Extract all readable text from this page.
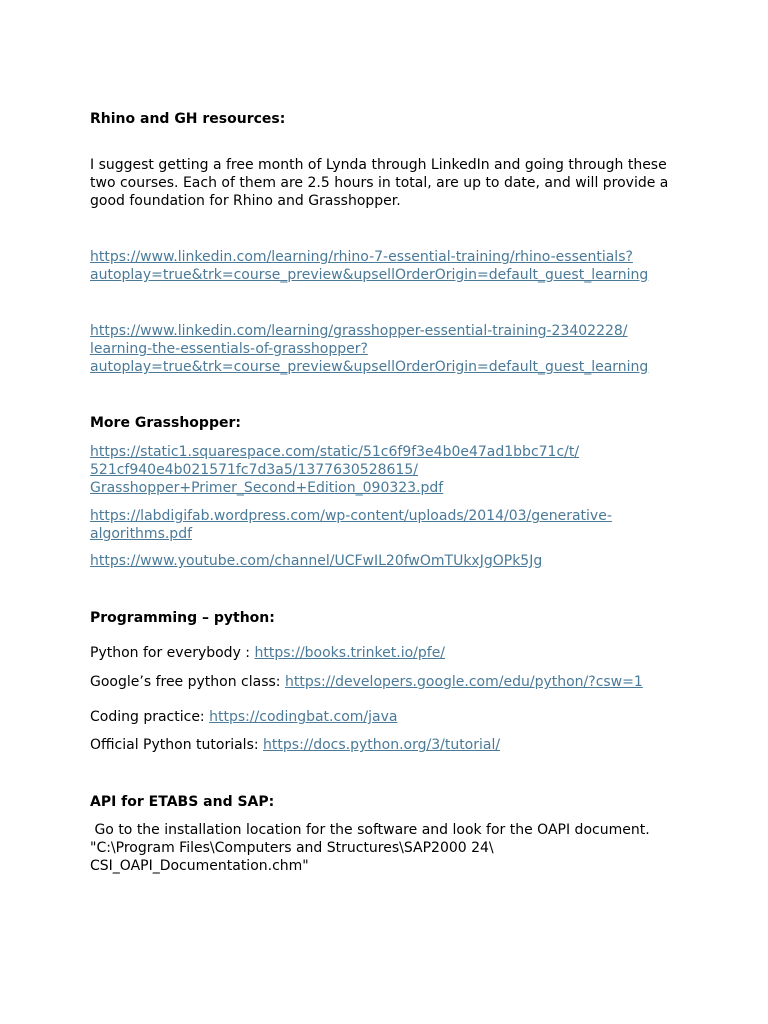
Rhino and GH resources:

I suggest getting a free month of Lynda through LinkedIn and going through these
two courses. Each of them are 2.5 hours in total, are up to date, and will provide a
good foundation for Rhino and Grasshopper.

https://www.linkedin.com/learning/rhino-7-essential-training/rhino-essentials?
autoplay=true&trk=course_preview&upsellOrderOrigin=default_guest_learning

https://www.linkedin.com/learning/grasshopper-essential-training-23402228/
learning-the-essentials-of-grasshopper?
autoplay=true&trk=course_preview&upsellOrderOrigin=default_guest_learning

More Grasshopper:

https://static1.squarespace.com/static/51c6f9f3e4b0e47ad1bbc71c/t/
521cf940e4b021571fc7d3a5/1377630528615/
Grasshopper+Primer_Second+Edition_090323.pdf

https://labdigifab.wordpress.com/wp-content/uploads/2014/03/generative-
algorithms.pdf

https://www.youtube.com/channel/UCFwIL20fwOmTUkxJgOPk5Jg

Programming – python:

Python for everybody : https://books.trinket.io/pfe/

Google’s free python class: https://developers.google.com/edu/python/?csw=1

Coding practice: https://codingbat.com/java

Official Python tutorials: https://docs.python.org/3/tutorial/

API for ETABS and SAP:

Go to the installation location for the software and look for the OAPI document.
"C:\Program Files\Computers and Structures\SAP2000 24\
CSI_OAPI_Documentation.chm"
